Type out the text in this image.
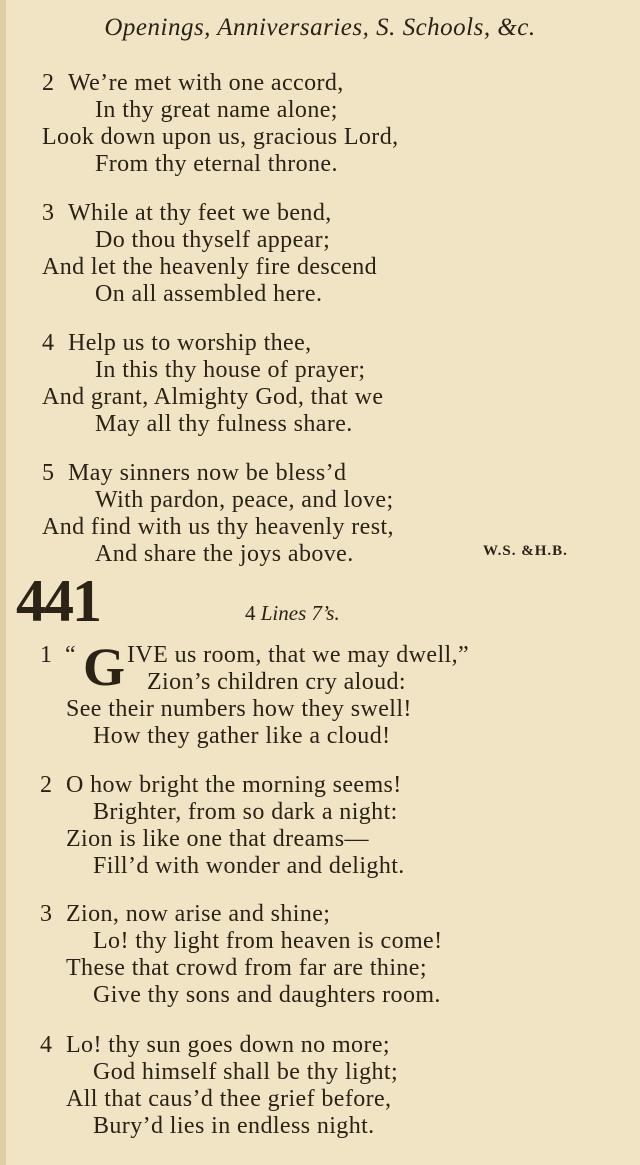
Openings, Anniversaries, S. Schools, &c.
2 We’re met with one accord,
In thy great name alone;
Look down upon us, gracious Lord,
From thy eternal throne.
3 While at thy feet we bend,
Do thou thyself appear;
And let the heavenly fire descend
On all assembled here.
4 Help us to worship thee,
In this thy house of prayer;
And grant, Almighty God, that we
May all thy fulness share.
5 May sinners now be bless’d
With pardon, peace, and love;
And find with us thy heavenly rest,
And share the joys above.	W.S. &H.B.
441	4 Lines 7’s.
1 “ G IVE us room, that we may dwell,”
Zion’s children cry aloud:
See their numbers how they swell!
How they gather like a cloud!
2 O how bright the morning seems!
Brighter, from so dark a night:
Zion is like one that dreams—
Fill’d with wonder and delight.
3 Zion, now arise and shine;
Lo! thy light from heaven is come!
These that crowd from far are thine;
Give thy sons and daughters room.
4 Lo! thy sun goes down no more;
God himself shall be thy light;
All that caus’d thee grief before,
Bury’d lies in endless night.
